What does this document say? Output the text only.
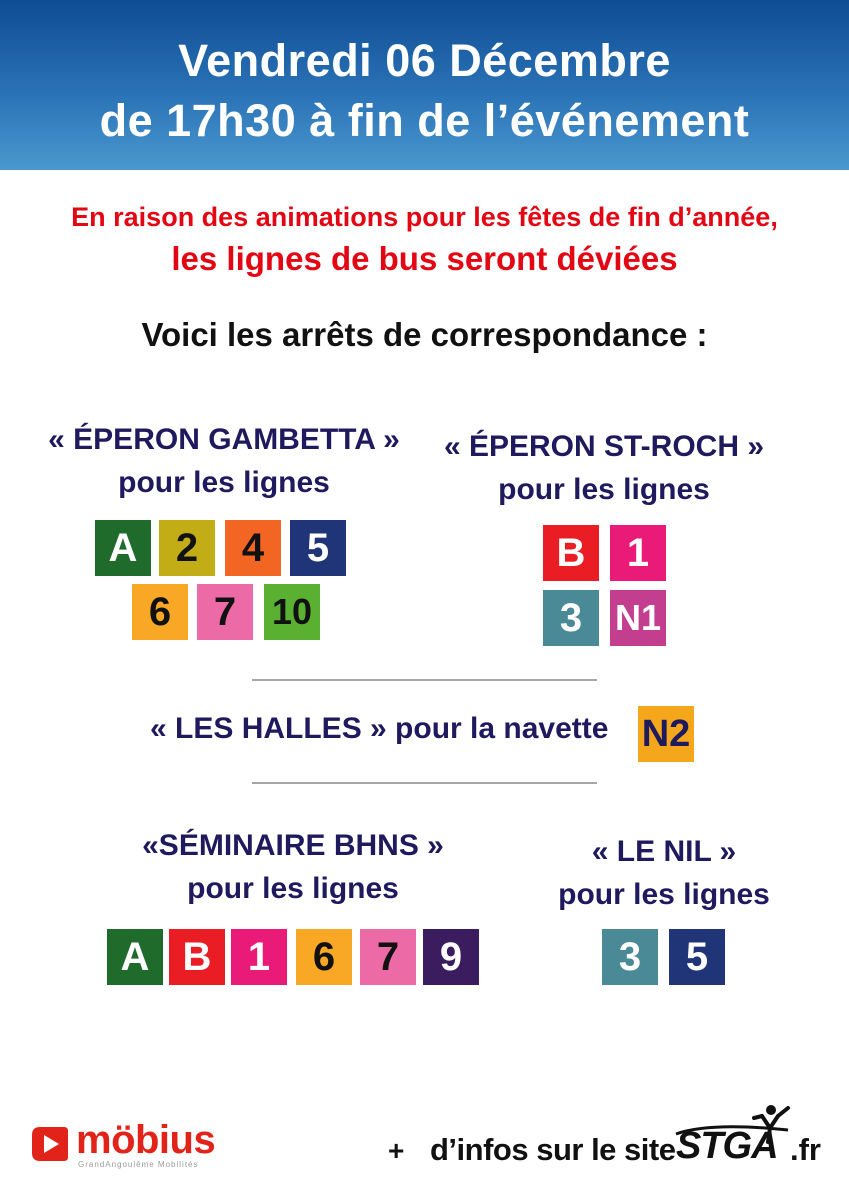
Vendredi 06 Décembre
de 17h30 à fin de l’événement
En raison des animations pour les fêtes de fin d’année,
les lignes de bus seront déviées
Voici les arrêts de correspondance :
« ÉPERON GAMBETTA »
pour les lignes
A 2 4 5
6 7 10
« ÉPERON ST-ROCH »
pour les lignes
B 1
3 N1
« LES HALLES » pour la navette N2
«SÉMINAIRE BHNS »
pour les lignes
A B 1 6 7 9
« LE NIL »
pour les lignes
3 5
möbius
GrandAngoulême Mobilités	+ d’infos sur le site STGA .fr
